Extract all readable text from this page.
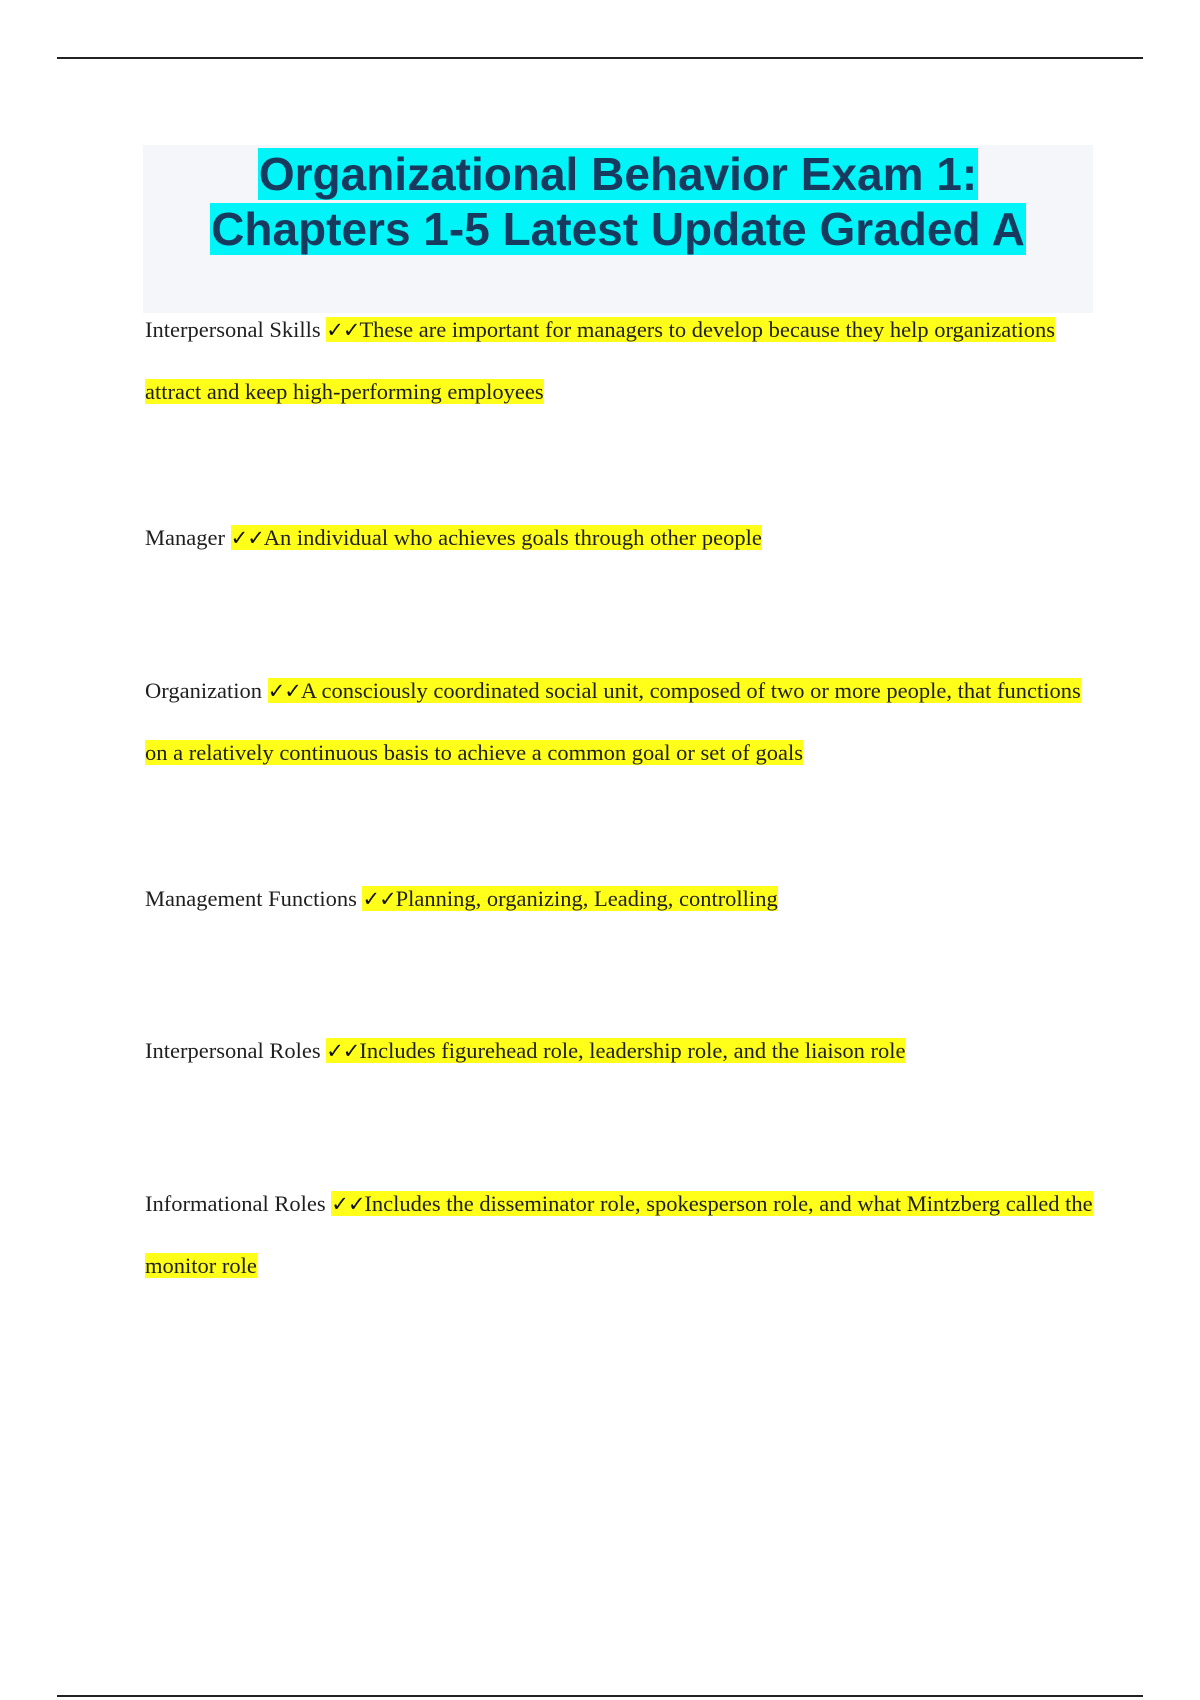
Organizational Behavior Exam 1:
Chapters 1-5 Latest Update Graded A

Interpersonal Skills ✓✓These are important for managers to develop because they help organizations attract and keep high-performing employees

Manager ✓✓An individual who achieves goals through other people

Organization ✓✓A consciously coordinated social unit, composed of two or more people, that functions on a relatively continuous basis to achieve a common goal or set of goals

Management Functions ✓✓Planning, organizing, Leading, controlling

Interpersonal Roles ✓✓Includes figurehead role, leadership role, and the liaison role

Informational Roles ✓✓Includes the disseminator role, spokesperson role, and what Mintzberg called the monitor role
